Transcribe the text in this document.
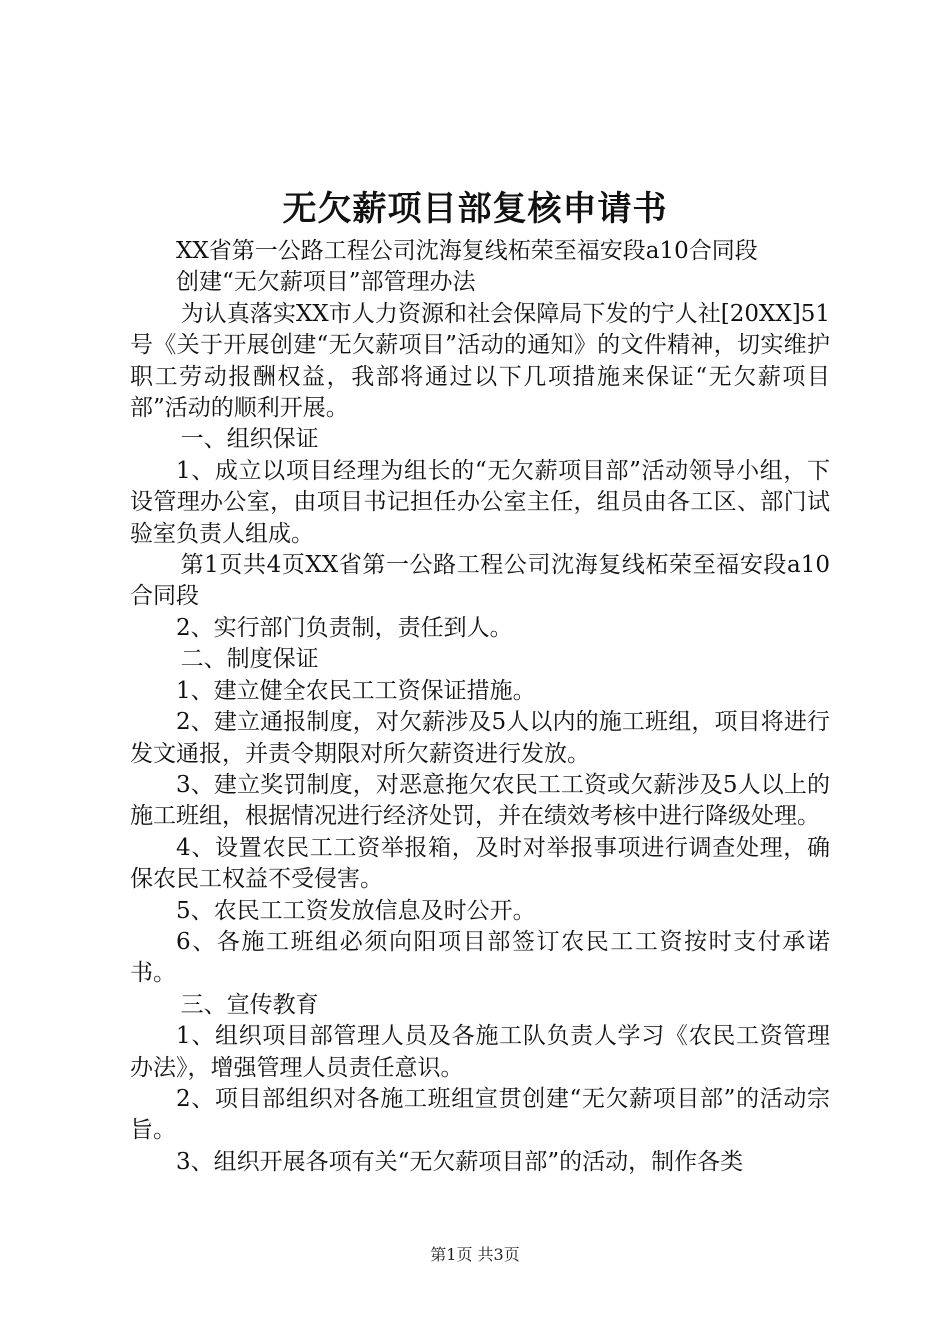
无欠薪项目部复核申请书

XX省第一公路工程公司沈海复线柘荣至福安段a10合同段

创建“无欠薪项目”部管理办法

为认真落实XX市人力资源和社会保障局下发的宁人社[20XX]51号《关于开展创建“无欠薪项目”活动的通知》的文件精神，切实维护职工劳动报酬权益，我部将通过以下几项措施来保证“无欠薪项目部”活动的顺利开展。

一、组织保证

1、成立以项目经理为组长的“无欠薪项目部”活动领导小组，下设管理办公室，由项目书记担任办公室主任，组员由各工区、部门试验室负责人组成。

第1页共4页XX省第一公路工程公司沈海复线柘荣至福安段a10合同段

2、实行部门负责制，责任到人。

二、制度保证

1、建立健全农民工工资保证措施。

2、建立通报制度，对欠薪涉及5人以内的施工班组，项目将进行发文通报，并责令期限对所欠薪资进行发放。

3、建立奖罚制度，对恶意拖欠农民工工资或欠薪涉及5人以上的施工班组，根据情况进行经济处罚，并在绩效考核中进行降级处理。

4、设置农民工工资举报箱，及时对举报事项进行调查处理，确保农民工权益不受侵害。

5、农民工工资发放信息及时公开。

6、各施工班组必须向阳项目部签订农民工工资按时支付承诺书。

三、宣传教育

1、组织项目部管理人员及各施工队负责人学习《农民工资管理办法》，增强管理人员责任意识。

2、项目部组织对各施工班组宣贯创建“无欠薪项目部”的活动宗旨。

3、组织开展各项有关“无欠薪项目部”的活动，制作各类

第1页 共3页
